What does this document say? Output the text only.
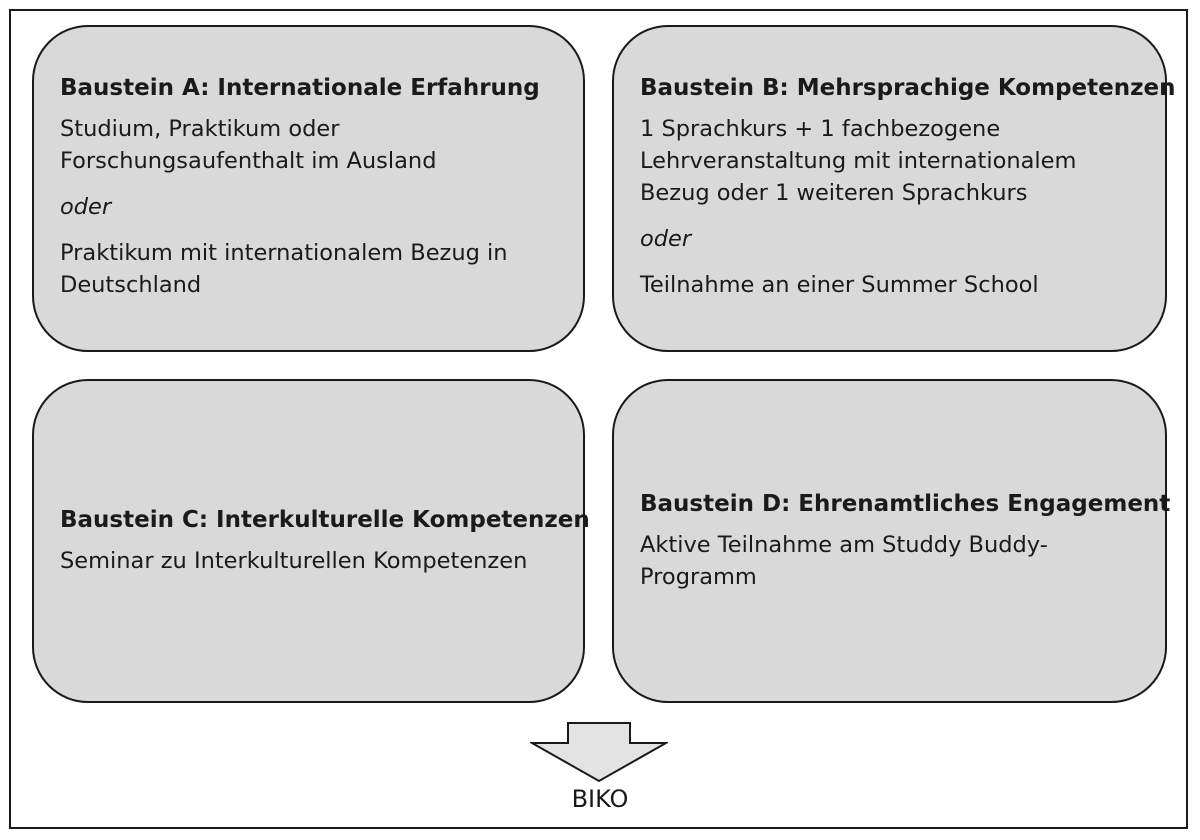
Baustein A: Internationale Erfahrung

Studium, Praktikum oder

Forschungsaufenthalt im Ausland

oder

Praktikum mit internationalem Bezug in

Deutschland

Baustein B: Mehrsprachige Kompetenzen

1 Sprachkurs + 1 fachbezogene

Lehrveranstaltung mit internationalem

Bezug oder 1 weiteren Sprachkurs

oder

Teilnahme an einer Summer School

Baustein C: Interkulturelle Kompetenzen

Seminar zu Interkulturellen Kompetenzen

Baustein D: Ehrenamtliches Engagement

Aktive Teilnahme am Studdy Buddy-

Programm

BIKO
